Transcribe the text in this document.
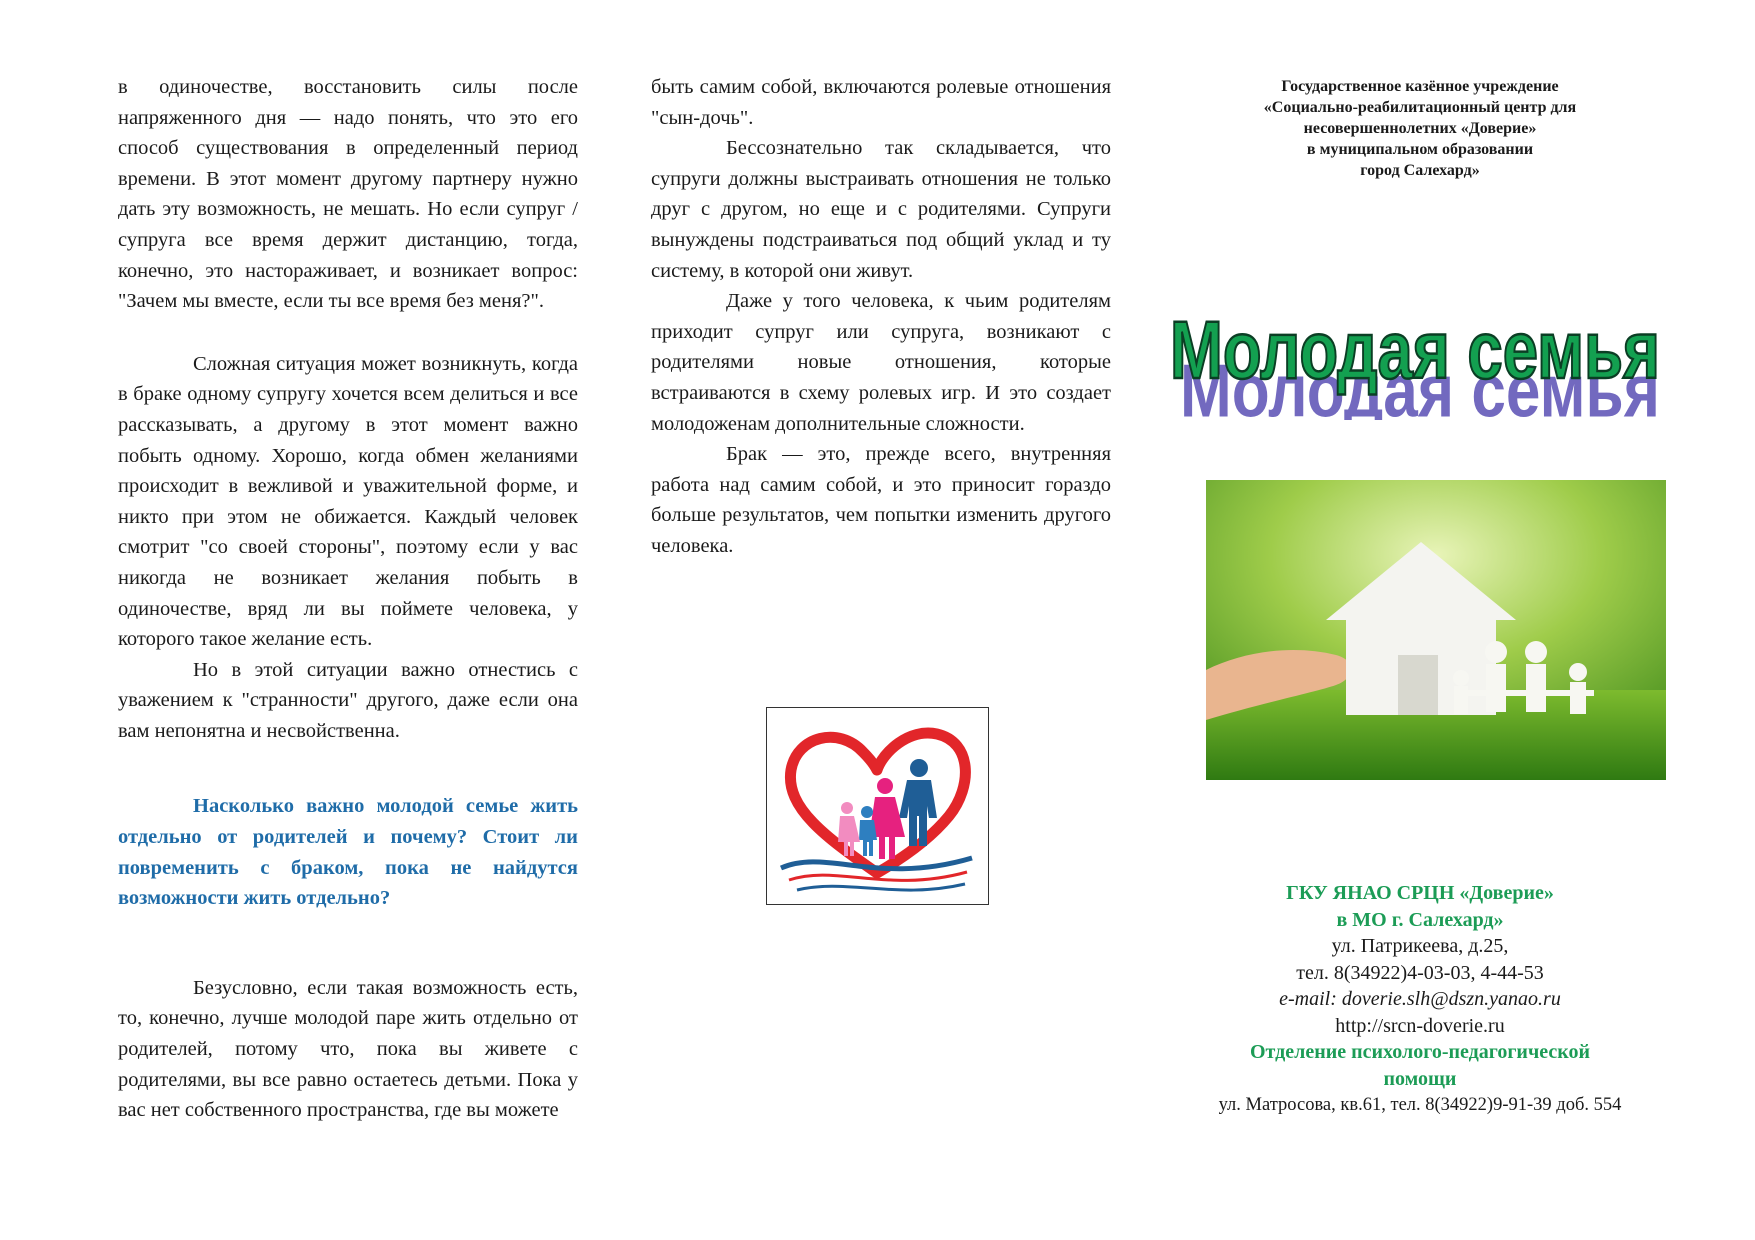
в одиночестве, восстановить силы после напряженного дня — надо понять, что это его способ существования в определенный период времени. В этот момент другому партнеру нужно дать эту возможность, не мешать. Но если супруг /супруга все время держит дистанцию, тогда, конечно, это настораживает, и возникает вопрос: "Зачем мы вместе, если ты все время без меня?".

Сложная ситуация может возникнуть, когда в браке одному супругу хочется всем делиться и все рассказывать, а другому в этот момент важно побыть одному. Хорошо, когда обмен желаниями происходит в вежливой и уважительной форме, и никто при этом не обижается. Каждый человек смотрит "со своей стороны", поэтому если у вас никогда не возникает желания побыть в одиночестве, вряд ли вы поймете человека, у которого такое желание есть.

Но в этой ситуации важно отнестись с уважением к "странности" другого, даже если она вам непонятна и несвойственна.

Насколько важно молодой семье жить отдельно от родителей и почему? Стоит ли повременить с браком, пока не найдутся возможности жить отдельно?

Безусловно, если такая возможность есть, то, конечно, лучше молодой паре жить отдельно от родителей, потому что, пока вы живете с родителями, вы все равно остаетесь детьми. Пока у вас нет собственного пространства, где вы можете

быть самим собой, включаются ролевые отношения "сын-дочь".

Бессознательно так складывается, что супруги должны выстраивать отношения не только друг с другом, но еще и с родителями. Супруги вынуждены подстраиваться под общий уклад и ту систему, в которой они живут.

Даже у того человека, к чьим родителям приходит супруг или супруга, возникают с родителями новые отношения, которые встраиваются в схему ролевых игр. И это создает молодоженам дополнительные сложности.

Брак — это, прежде всего, внутренняя работа над самим собой, и это приносит гораздо больше результатов, чем попытки изменить другого человека.

Государственное казённое учреждение
«Социально-реабилитационный центр для
несовершеннолетних «Доверие»
в муниципальном образовании
город Салехард»
Молодая семья
Молодая семья
ГКУ ЯНАО СРЦН «Доверие»
в МО г. Салехард»
ул. Патрикеева, д.25,
тел. 8(34922)4-03-03, 4-44-53
e-mail: doverie.slh@dszn.yanao.ru
http://srcn-doverie.ru
Отделение психолого-педагогической
помощи
ул. Матросова, кв.61, тел. 8(34922)9-91-39 доб. 554
